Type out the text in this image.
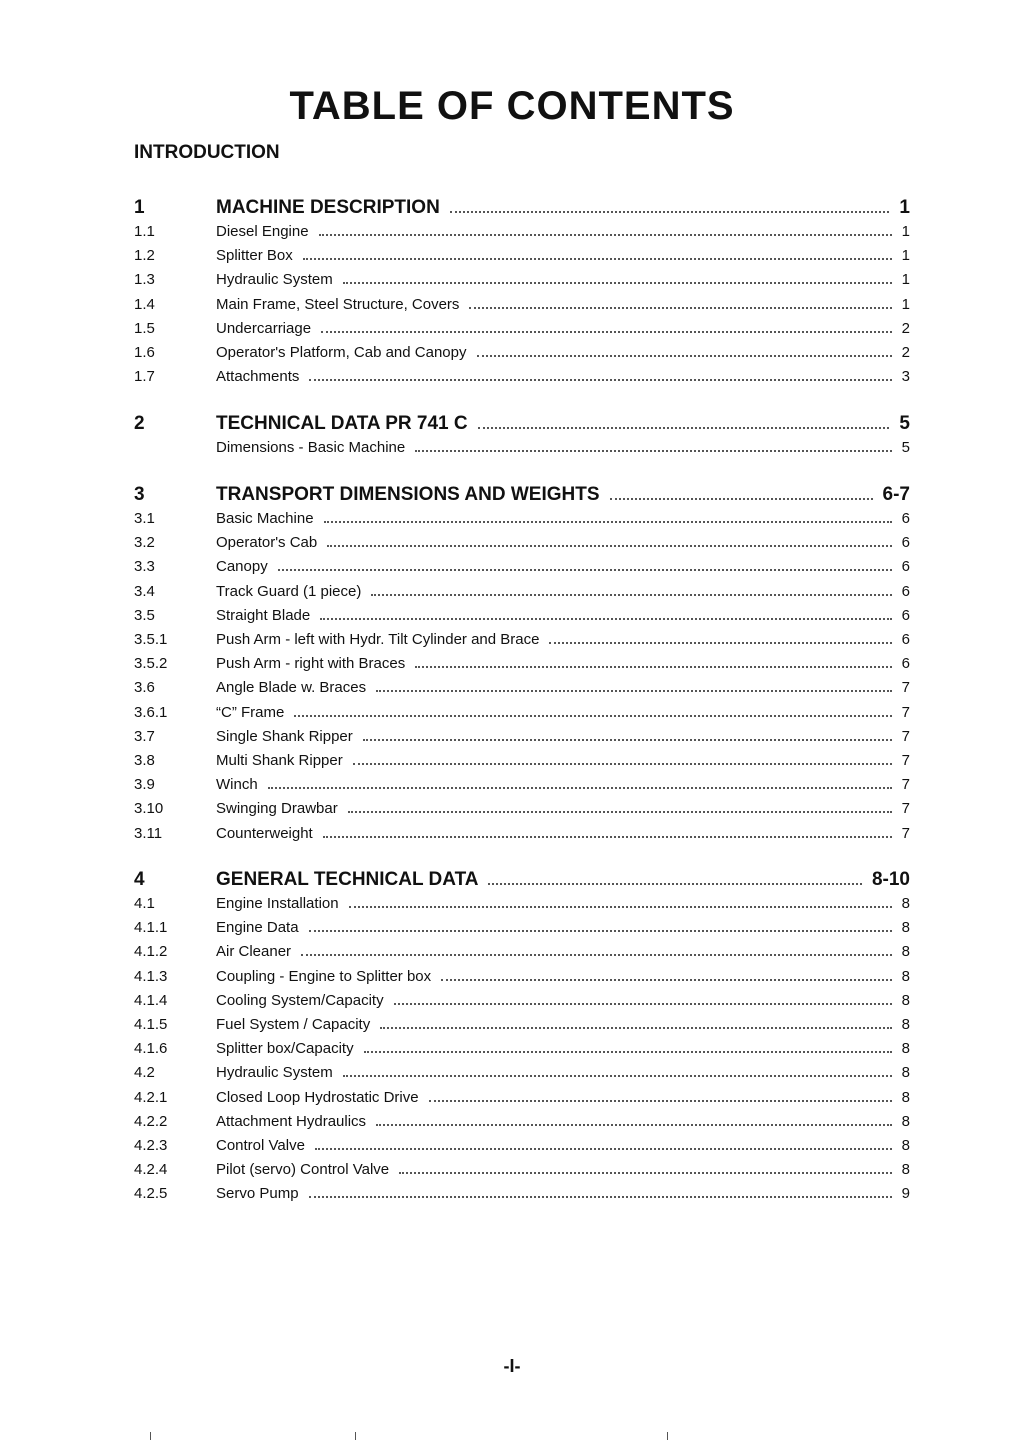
TABLE OF CONTENTS
INTRODUCTION
1	MACHINE DESCRIPTION	1
1.1	Diesel Engine	1
1.2	Splitter Box	1
1.3	Hydraulic System	1
1.4	Main Frame, Steel Structure, Covers	1
1.5	Undercarriage	2
1.6	Operator's Platform, Cab and Canopy	2
1.7	Attachments	3
2	TECHNICAL DATA PR 741 C	5
Dimensions - Basic Machine	5
3	TRANSPORT DIMENSIONS AND WEIGHTS	6-7
3.1	Basic Machine	6
3.2	Operator's Cab	6
3.3	Canopy	6
3.4	Track Guard (1 piece)	6
3.5	Straight Blade	6
3.5.1	Push Arm - left with Hydr. Tilt Cylinder and Brace	6
3.5.2	Push Arm - right with Braces	6
3.6	Angle Blade w. Braces	7
3.6.1	“C” Frame	7
3.7	Single Shank Ripper	7
3.8	Multi Shank Ripper	7
3.9	Winch	7
3.10	Swinging Drawbar	7
3.11	Counterweight	7
4	GENERAL TECHNICAL DATA	8-10
4.1	Engine Installation	8
4.1.1	Engine Data	8
4.1.2	Air Cleaner	8
4.1.3	Coupling - Engine to Splitter box	8
4.1.4	Cooling System/Capacity	8
4.1.5	Fuel System / Capacity	8
4.1.6	Splitter box/Capacity	8
4.2	Hydraulic System	8
4.2.1	Closed Loop Hydrostatic Drive	8
4.2.2	Attachment Hydraulics	8
4.2.3	Control Valve	8
4.2.4	Pilot (servo) Control Valve	8
4.2.5	Servo Pump	9
-I-
